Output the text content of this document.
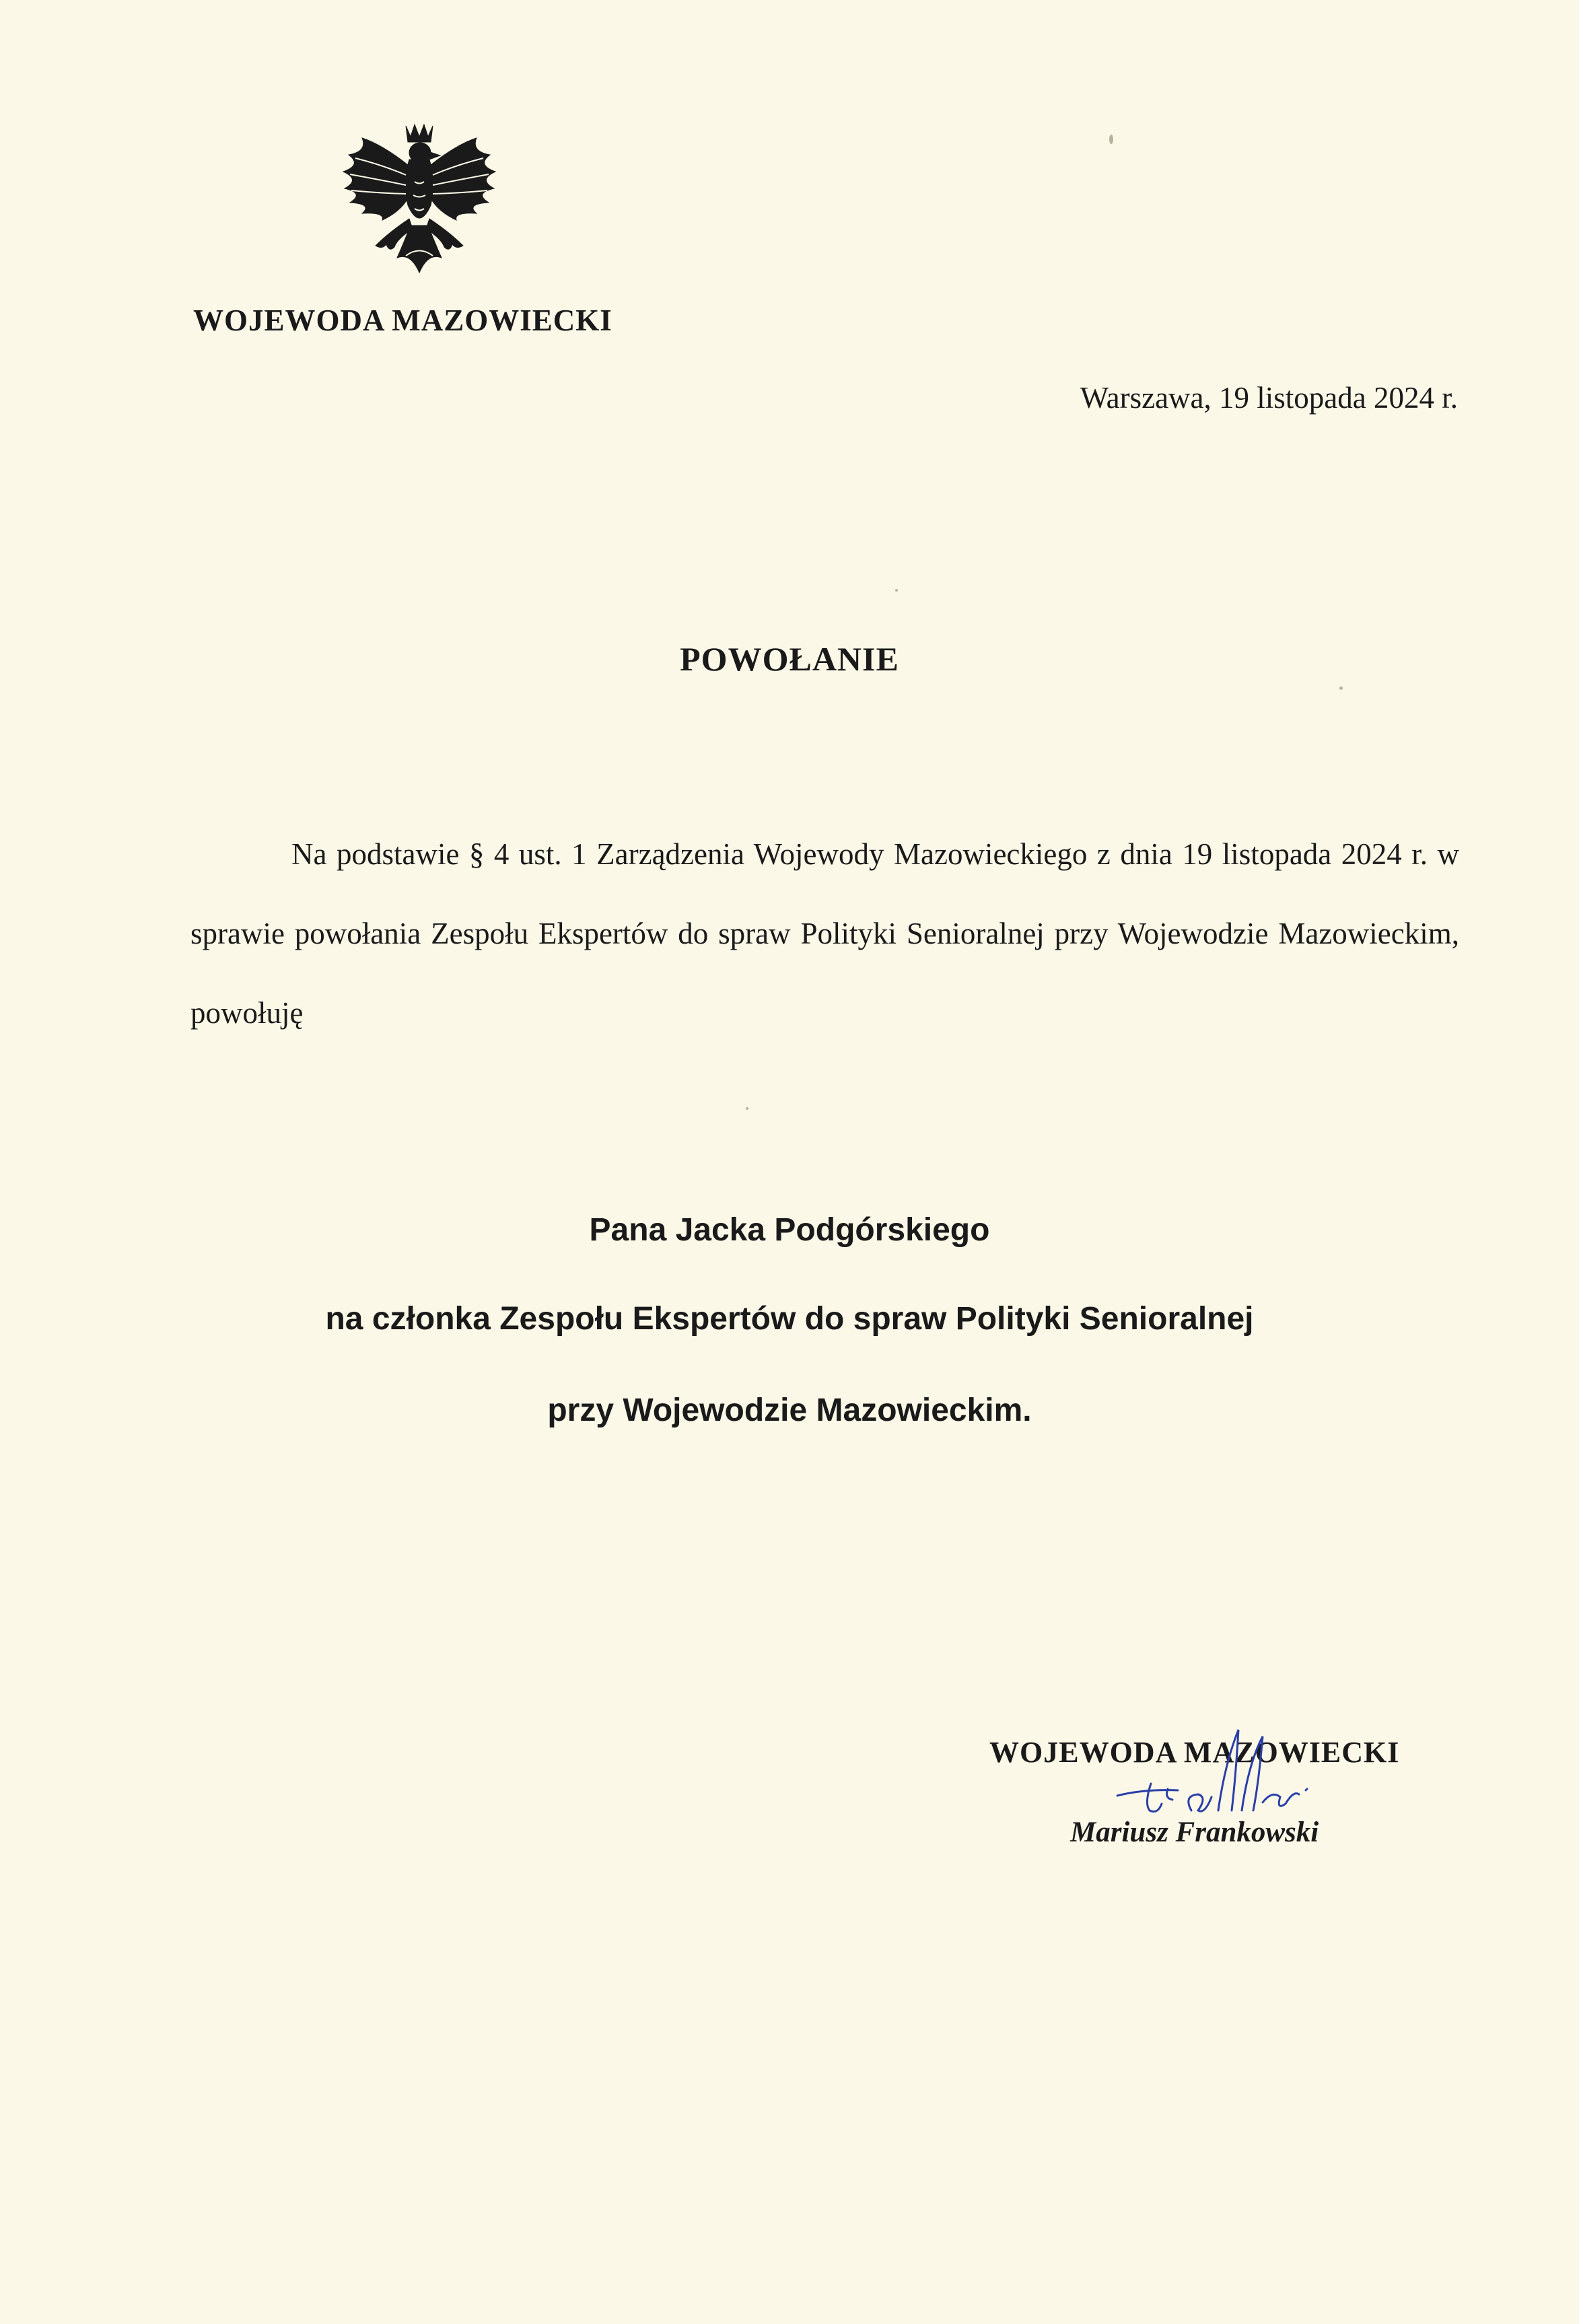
WOJEWODA MAZOWIECKI
Warszawa, 19 listopada 2024 r.
POWOŁANIE

Na podstawie § 4 ust. 1 Zarządzenia Wojewody Mazowieckiego z dnia 19 listopada 2024 r. w sprawie powołania Zespołu Ekspertów do spraw Polityki Senioralnej przy Wojewodzie Mazowieckim, powołuję

Pana Jacka Podgórskiego
na członka Zespołu Ekspertów do spraw Polityki Senioralnej
przy Wojewodzie Mazowieckim.
WOJEWODA MAZOWIECKI
Mariusz Frankowski
